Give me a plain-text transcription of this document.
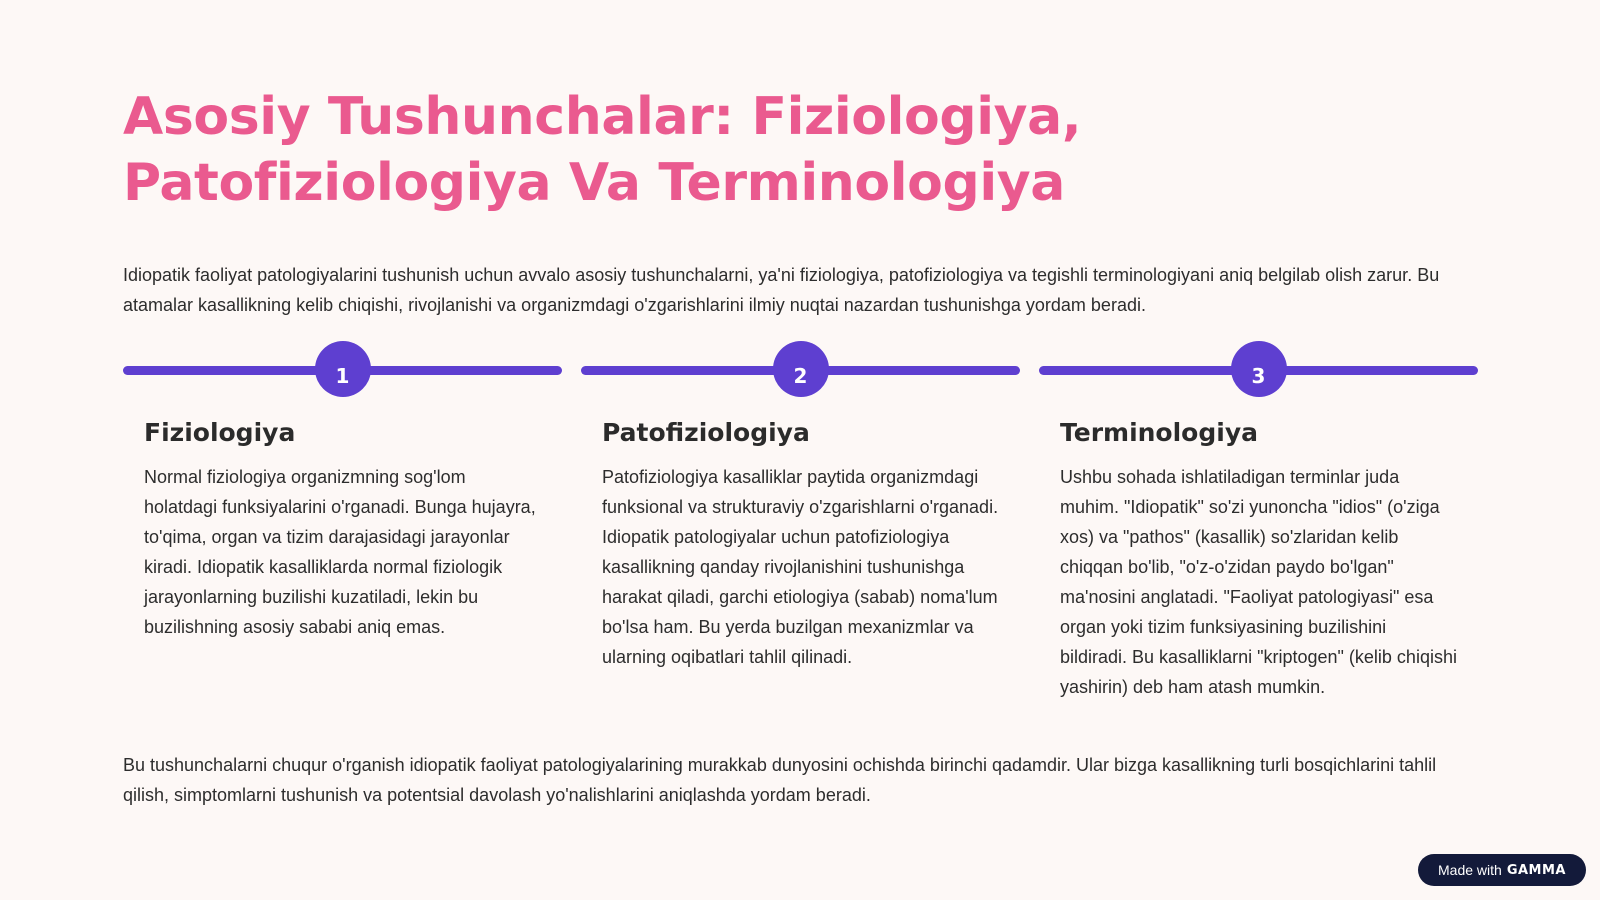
Asosiy Tushunchalar: Fiziologiya, Patofiziologiya Va Terminologiya

Idiopatik faoliyat patologiyalarini tushunish uchun avvalo asosiy tushunchalarni, ya'ni fiziologiya, patofiziologiya va tegishli terminologiyani aniq belgilab olish zarur. Bu atamalar kasallikning kelib chiqishi, rivojlanishi va organizmdagi o'zgarishlarini ilmiy nuqtai nazardan tushunishga yordam beradi.

1
Fiziologiya

Normal fiziologiya organizmning sog'lom holatdagi funksiyalarini o'rganadi. Bunga hujayra, to'qima, organ va tizim darajasidagi jarayonlar kiradi. Idiopatik kasalliklarda normal fiziologik jarayonlarning buzilishi kuzatiladi, lekin bu buzilishning asosiy sababi aniq emas.

2
Patofiziologiya

Patofiziologiya kasalliklar paytida organizmdagi funksional va strukturaviy o'zgarishlarni o'rganadi. Idiopatik patologiyalar uchun patofiziologiya kasallikning qanday rivojlanishini tushunishga harakat qiladi, garchi etiologiya (sabab) noma'lum bo'lsa ham. Bu yerda buzilgan mexanizmlar va ularning oqibatlari tahlil qilinadi.

3
Terminologiya

Ushbu sohada ishlatiladigan terminlar juda muhim. "Idiopatik" so'zi yunoncha "idios" (o'ziga xos) va "pathos" (kasallik) so'zlaridan kelib chiqqan bo'lib, "o'z-o'zidan paydo bo'lgan" ma'nosini anglatadi. "Faoliyat patologiyasi" esa organ yoki tizim funksiyasining buzilishini bildiradi. Bu kasalliklarni "kriptogen" (kelib chiqishi yashirin) deb ham atash mumkin.

Bu tushunchalarni chuqur o'rganish idiopatik faoliyat patologiyalarining murakkab dunyosini ochishda birinchi qadamdir. Ular bizga kasallikning turli bosqichlarini tahlil qilish, simptomlarni tushunish va potentsial davolash yo'nalishlarini aniqlashda yordam beradi.

Made with GAMMA
